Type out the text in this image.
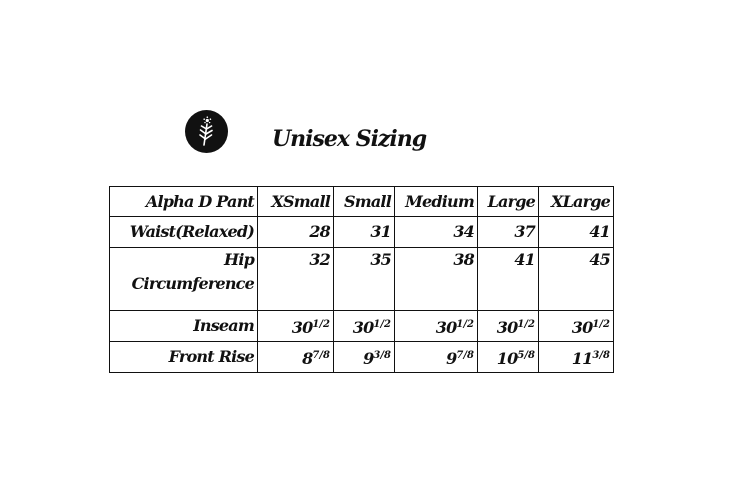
Unisex Sizing
Alpha D Pant	XSmall	Small	Medium	Large	XLarge
Waist(Relaxed)	28	31	34	37	41
Hip Circumference	32	35	38	41	45
Inseam	$30^{1/2}$	$30^{1/2}$	$30^{1/2}$	$30^{1/2}$	$30^{1/2}$
Front Rise	$8^{7/8}$	$9^{3/8}$	$9^{7/8}$	$10^{5/8}$	$11^{3/8}$
